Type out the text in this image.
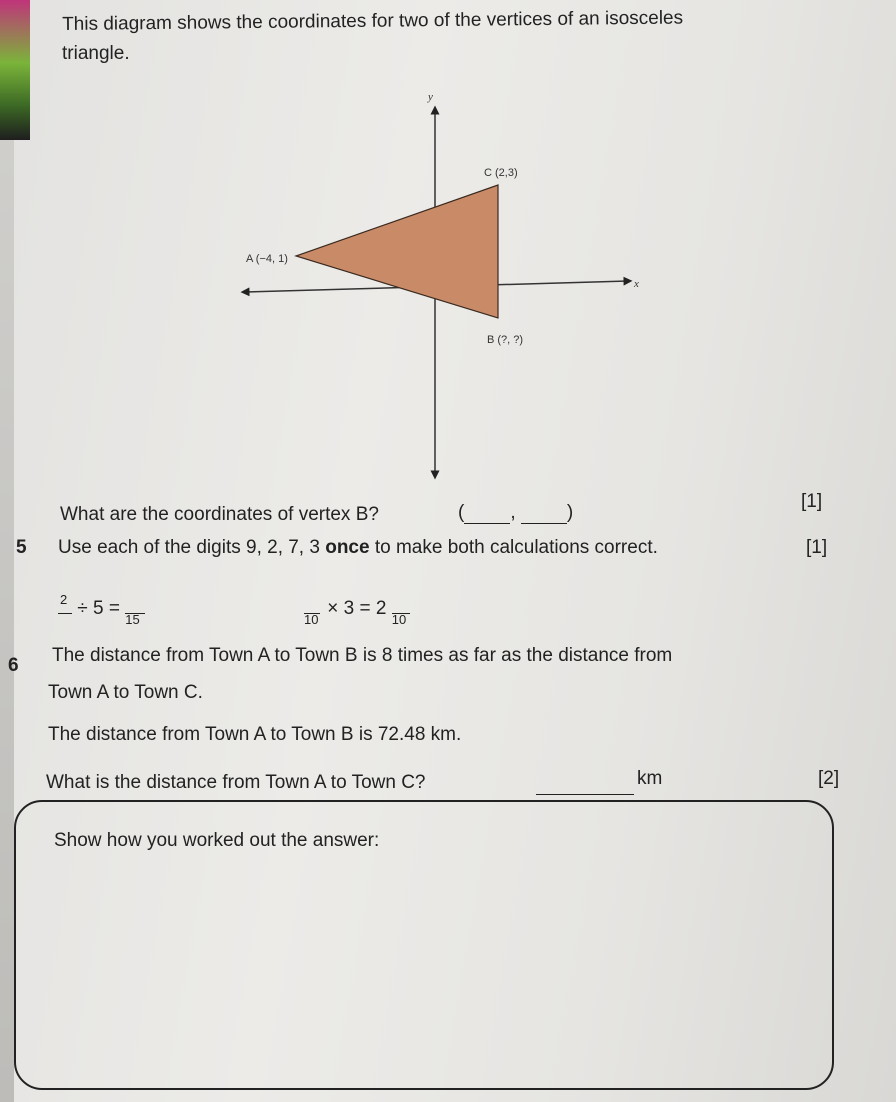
This diagram shows the coordinates for two of the vertices of an isosceles
triangle.
y
x
C (2,3)
A (−4, 1)
B (?, ?)
What are the coordinates of vertex B?	( ,	)
[1]
5 Use each of the digits 9, 2, 7, 3 once to make both calculations correct.	[1]
2 ÷ 5 =
15	10
× 3 = 2
10
6 The distance from Town A to Town B is 8 times as far as the distance from
Town A to Town C.
The distance from Town A to Town B is 72.48 km.
What is the distance from Town A to Town C?	km	[2]
Show how you worked out the answer:
